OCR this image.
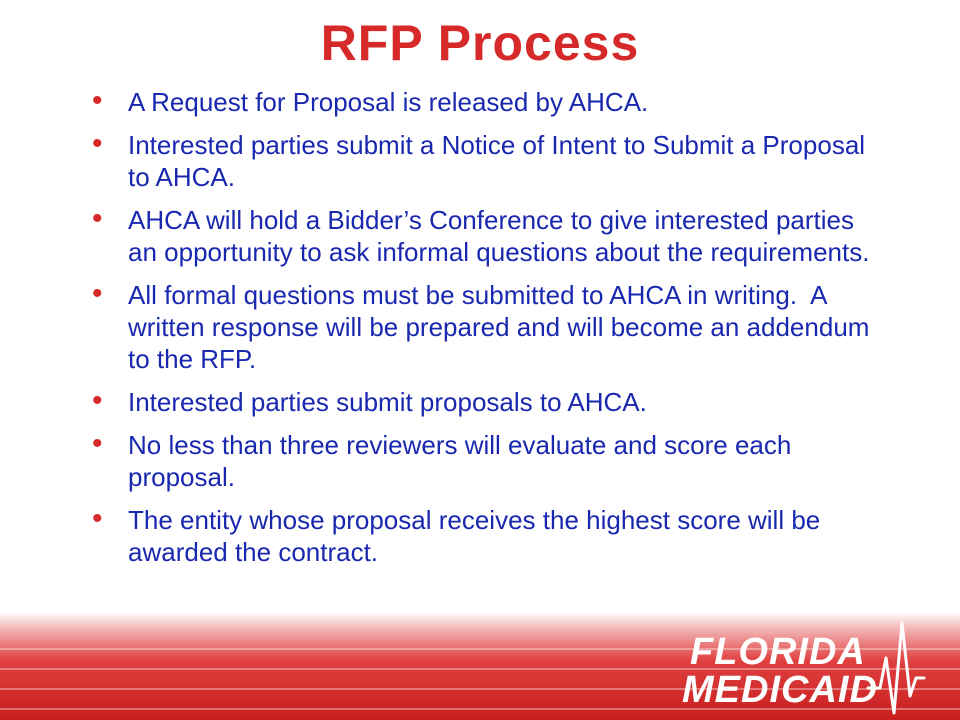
RFP Process
• A Request for Proposal is released by AHCA.
• Interested parties submit a Notice of Intent to Submit a Proposal to AHCA.
• AHCA will hold a Bidder’s Conference to give interested parties an opportunity to ask informal questions about the requirements.
• All formal questions must be submitted to AHCA in writing.  A written response will be prepared and will become an addendum to the RFP.
• Interested parties submit proposals to AHCA.
• No less than three reviewers will evaluate and score each proposal.
• The entity whose proposal receives the highest score will be awarded the contract.
FLORIDA
MEDICAID
